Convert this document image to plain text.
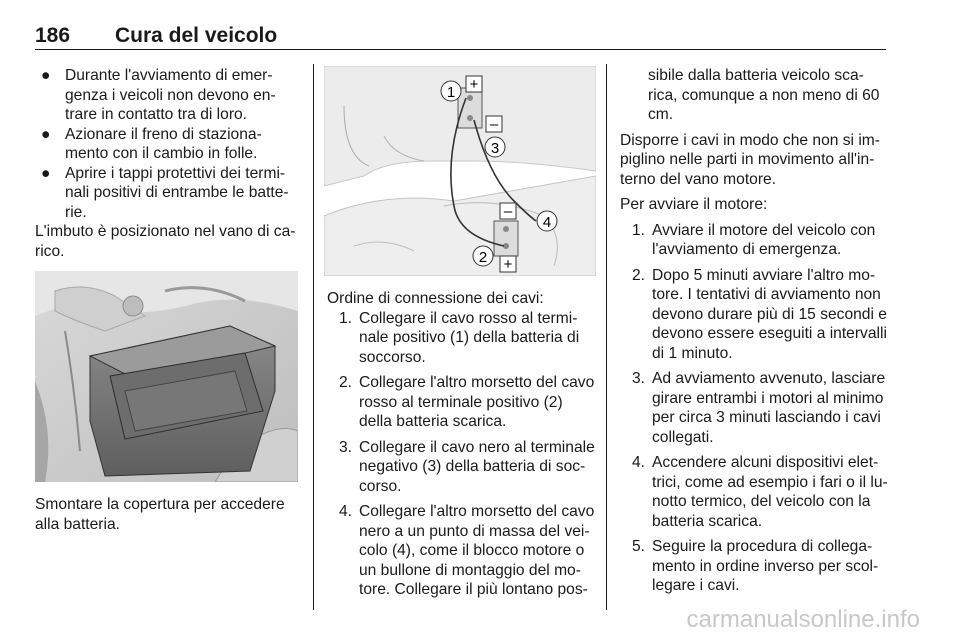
186 Cura del veicolo

● Durante l'avviamento di emer-genza i veicoli non devono en-trare in contatto tra di loro.

● Azionare il freno di staziona-mento con il cambio in folle.

● Aprire i tappi protettivi dei termi-nali positivi di entrambe le batte-rie.

L'imbuto è posizionato nel vano di ca-rico.

Smontare la copertura per accedere alla batteria.

+
–
–
+
1
3
4
2

Ordine di connessione dei cavi:

1. Collegare il cavo rosso al termi-nale positivo (1) della batteria di soccorso.
2. Collegare l'altro morsetto del cavo rosso al terminale positivo (2) della batteria scarica.
3. Collegare il cavo nero al terminale negativo (3) della batteria di soc-corso.
4. Collegare l'altro morsetto del cavo nero a un punto di massa del vei-colo (4), come il blocco motore o un bullone di montaggio del mo-tore. Collegare il più lontano pos-

sibile dalla batteria veicolo sca-rica, comunque a non meno di 60 cm.

Disporre i cavi in modo che non si im-piglino nelle parti in movimento all'in-terno del vano motore.

Per avviare il motore:

1. Avviare il motore del veicolo con l'avviamento di emergenza.
2. Dopo 5 minuti avviare l'altro mo-tore. I tentativi di avviamento non devono durare più di 15 secondi e devono essere eseguiti a intervalli di 1 minuto.
3. Ad avviamento avvenuto, lasciare girare entrambi i motori al minimo per circa 3 minuti lasciando i cavi collegati.
4. Accendere alcuni dispositivi elet-trici, come ad esempio i fari o il lu-notto termico, del veicolo con la batteria scarica.
5. Seguire la procedura di collega-mento in ordine inverso per scol-legare i cavi.
carmanualsonline.info
